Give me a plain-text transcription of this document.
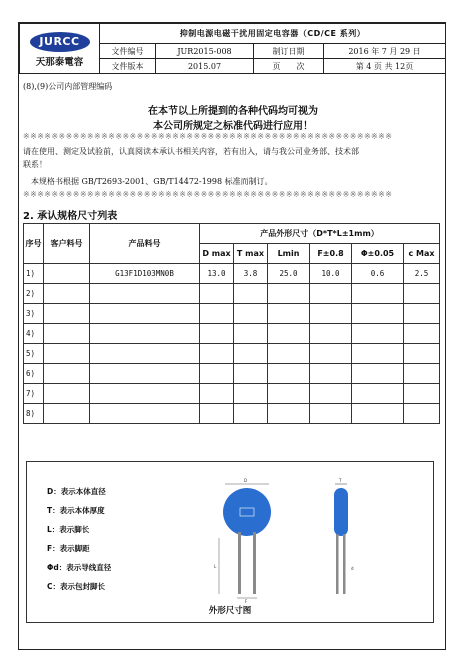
JURCC
天那泰電容	抑制电源电磁干扰用固定电容器（CD/CE 系列）			
	文件编号	JUR2015-008	制订日期	2016 年 7 月 29 日
	文件版本	2015.07	页　　次	第 4 页 共 12页
(8),(9)公司内部管理编码
在本节以上所提到的各种代码均可视为
本公司所规定之标准代码进行应用！
※※※※※※※※※※※※※※※※※※※※※※※※※※※※※※※※※※※※※※※※※※※※※※※※※※※※
请在使用、测定及试验前，认真阅读本承认书相关内容，若有出入，请与我公司业务部、技术部
联系！
　本规格书根据 GB/T2693-2001、GB/T14472-1998 标准而制订。
※※※※※※※※※※※※※※※※※※※※※※※※※※※※※※※※※※※※※※※※※※※※※※※※※※※※
2. 承认规格尺寸列表
序号	客户料号	产品料号	产品外形尺寸（D*T*L±1mm）					
			D max	T max	Lmin	F±0.8	Φ±0.05	c Max
1)		G13F1D103MN0B	13.0	3.8	25.0	10.0	0.6	2.5
2)								
3)								
4)								
5)								
6)								
7)								
8)								
D：表示本体直径
T：表示本体厚度
L：表示脚长
F：表示脚距
Φd：表示导线直径
C：表示包封脚长
D
F
L
T
d
外形尺寸图
